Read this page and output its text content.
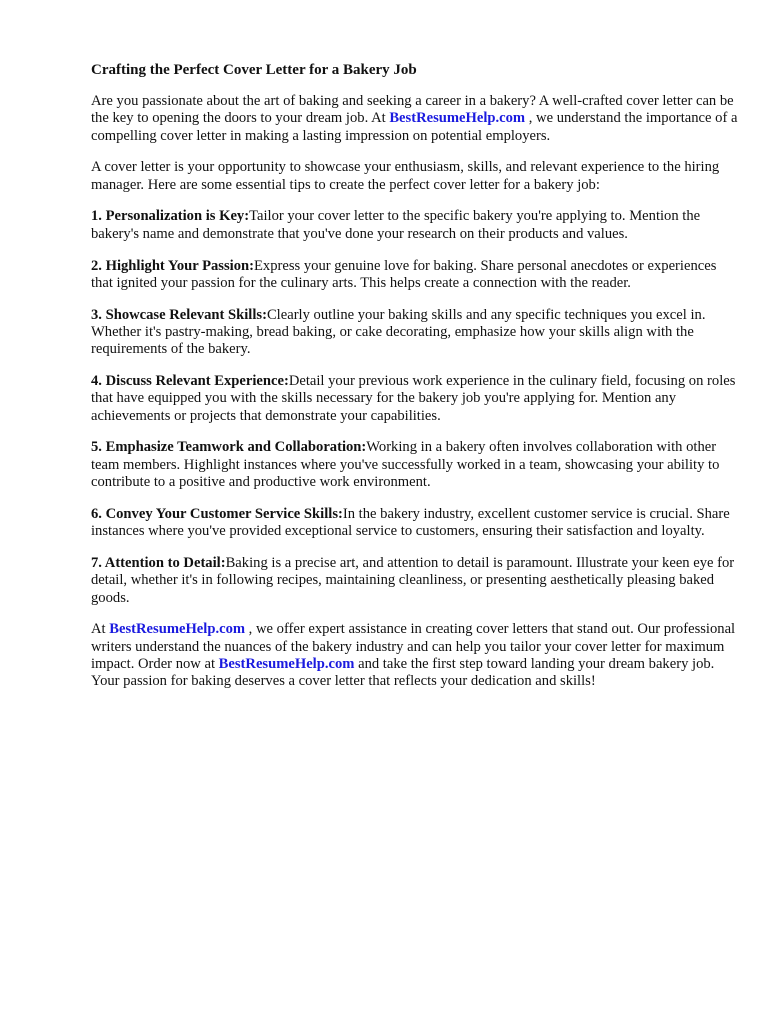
Crafting the Perfect Cover Letter for a Bakery Job

Are you passionate about the art of baking and seeking a career in a bakery? A well-crafted cover letter can be the key to opening the doors to your dream job. At BestResumeHelp.com , we understand the importance of a compelling cover letter in making a lasting impression on potential employers.

A cover letter is your opportunity to showcase your enthusiasm, skills, and relevant experience to the hiring manager. Here are some essential tips to create the perfect cover letter for a bakery job:

1. Personalization is Key:Tailor your cover letter to the specific bakery you're applying to. Mention the bakery's name and demonstrate that you've done your research on their products and values.

2. Highlight Your Passion:Express your genuine love for baking. Share personal anecdotes or experiences that ignited your passion for the culinary arts. This helps create a connection with the reader.

3. Showcase Relevant Skills:Clearly outline your baking skills and any specific techniques you excel in. Whether it's pastry-making, bread baking, or cake decorating, emphasize how your skills align with the requirements of the bakery.

4. Discuss Relevant Experience:Detail your previous work experience in the culinary field, focusing on roles that have equipped you with the skills necessary for the bakery job you're applying for. Mention any achievements or projects that demonstrate your capabilities.

5. Emphasize Teamwork and Collaboration:Working in a bakery often involves collaboration with other team members. Highlight instances where you've successfully worked in a team, showcasing your ability to contribute to a positive and productive work environment.

6. Convey Your Customer Service Skills:In the bakery industry, excellent customer service is crucial. Share instances where you've provided exceptional service to customers, ensuring their satisfaction and loyalty.

7. Attention to Detail:Baking is a precise art, and attention to detail is paramount. Illustrate your keen eye for detail, whether it's in following recipes, maintaining cleanliness, or presenting aesthetically pleasing baked goods.

At BestResumeHelp.com , we offer expert assistance in creating cover letters that stand out. Our professional writers understand the nuances of the bakery industry and can help you tailor your cover letter for maximum impact. Order now at BestResumeHelp.com and take the first step toward landing your dream bakery job. Your passion for baking deserves a cover letter that reflects your dedication and skills!
